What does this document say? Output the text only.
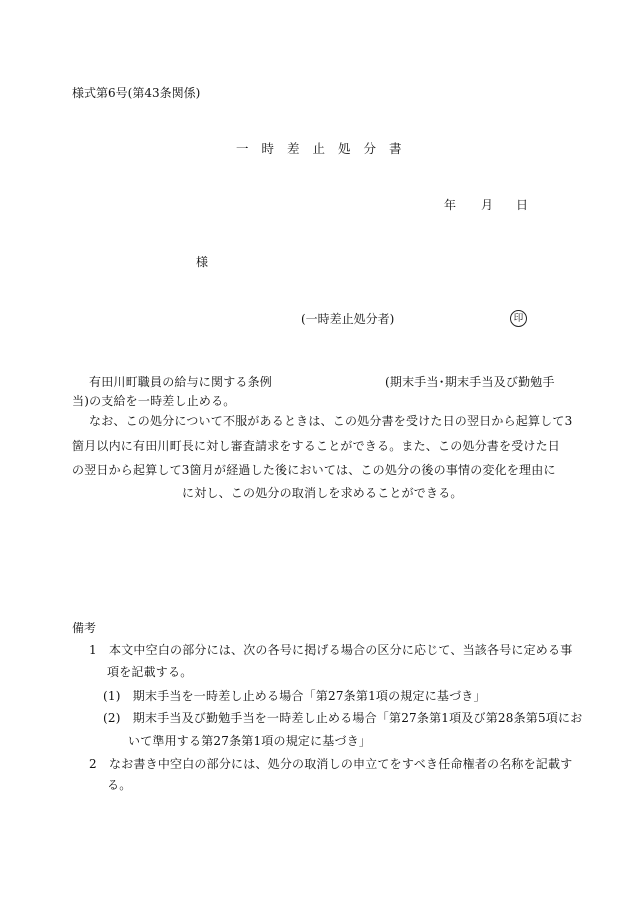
様式第6号(第43条関係)
一時差止処分書
年 月 日
様
(一時差止処分者)	印
有田川町職員の給与に関する条例	(期末手当･期末手当及び勤勉手
当)の支給を一時差し止める。
なお、この処分について不服があるときは、この処分書を受けた日の翌日から起算して3
箇月以内に有田川町長に対し審査請求をすることができる。また、この処分書を受けた日
の翌日から起算して3箇月が経過した後においては、この処分の後の事情の変化を理由に
に対し、この処分の取消しを求めることができる。
備考
1　本文中空白の部分には、次の各号に掲げる場合の区分に応じて、当該各号に定める事
項を記載する。
(1)　期末手当を一時差し止める場合「第27条第1項の規定に基づき」
(2)　期末手当及び勤勉手当を一時差し止める場合「第27条第1項及び第28条第5項にお
いて準用する第27条第1項の規定に基づき」
2　なお書き中空白の部分には、処分の取消しの申立てをすべき任命権者の名称を記載す
る。
